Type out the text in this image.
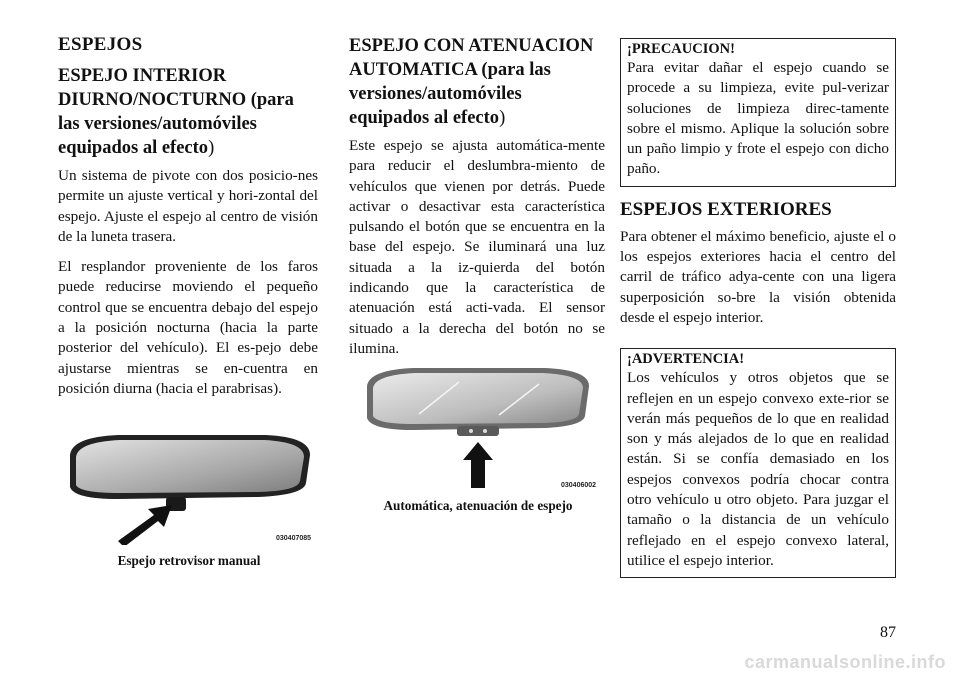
ESPEJOS
ESPEJO INTERIOR DIURNO/NOCTURNO (para las versiones/automóviles equipados al efecto)

Un sistema de pivote con dos posicio-nes permite un ajuste vertical y hori-zontal del espejo. Ajuste el espejo al centro de visión de la luneta trasera.

El resplandor proveniente de los faros puede reducirse moviendo el pequeño control que se encuentra debajo del espejo a la posición nocturna (hacia la parte posterior del vehículo). El es-pejo debe ajustarse mientras se en-cuentra en posición diurna (hacia el parabrisas).

030407085
Espejo retrovisor manual
ESPEJO CON ATENUACION AUTOMATICA (para las versiones/automóviles equipados al efecto)

Este espejo se ajusta automática-mente para reducir el deslumbra-miento de vehículos que vienen por detrás. Puede activar o desactivar esta característica pulsando el botón que se encuentra en la base del espejo. Se iluminará una luz situada a la iz-quierda del botón indicando que la característica de atenuación está acti-vada. El sensor situado a la derecha del botón no se ilumina.

030406002
Automática, atenuación de espejo
¡PRECAUCION!

Para evitar dañar el espejo cuando se procede a su limpieza, evite pul-verizar soluciones de limpieza direc-tamente sobre el mismo. Aplique la solución sobre un paño limpio y frote el espejo con dicho paño.

ESPEJOS EXTERIORES

Para obtener el máximo beneficio, ajuste el o los espejos exteriores hacia el centro del carril de tráfico adya-cente con una ligera superposición so-bre la visión obtenida desde el espejo interior.

¡ADVERTENCIA!

Los vehículos y otros objetos que se reflejen en un espejo convexo exte-rior se verán más pequeños de lo que en realidad son y más alejados de lo que en realidad están. Si se confía demasiado en los espejos convexos podría chocar contra otro vehículo u otro objeto. Para juzgar el tamaño o la distancia de un vehículo reflejado en el espejo convexo lateral, utilice el espejo interior.

87
carmanualsonline.info
